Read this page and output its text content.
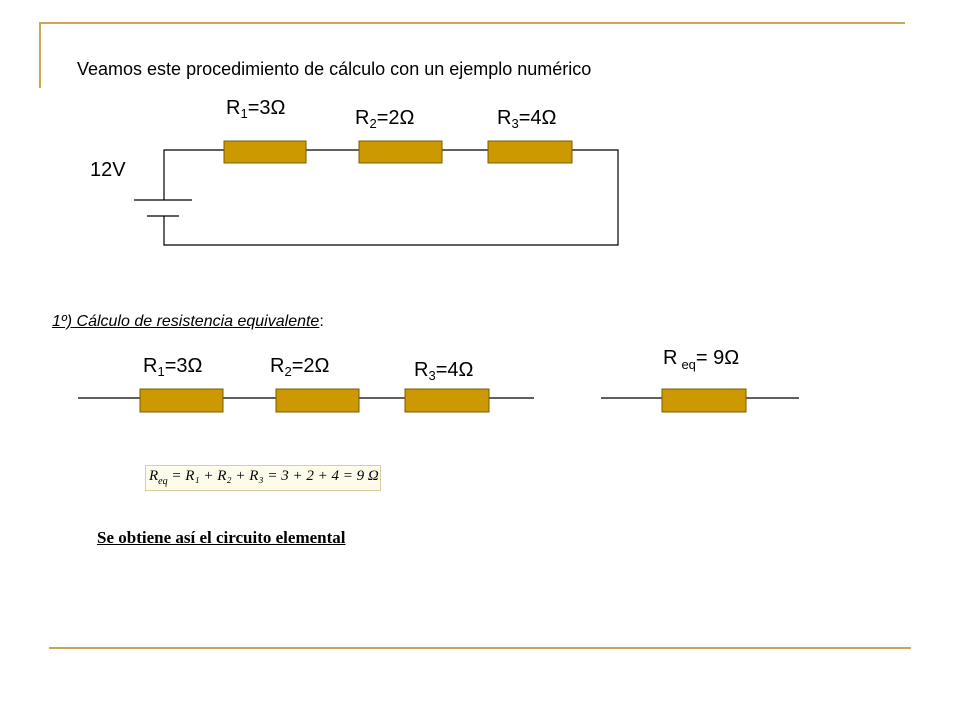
Veamos este procedimiento de cálculo con un ejemplo numérico
$R_1=3\Omega$	$R_2=2\Omega$	$R_3=4\Omega$
12V
1º) Cálculo de resistencia equivalente:
$R_1=3\Omega$	$R_2=2\Omega$	$R_3=4\Omega$
R $_{eq}$= 9Ω
$R_{eq} = R_1 + R_2 + R_3 = 3 + 2 + 4 = 9$ Ω
Se obtiene así el circuito elemental
